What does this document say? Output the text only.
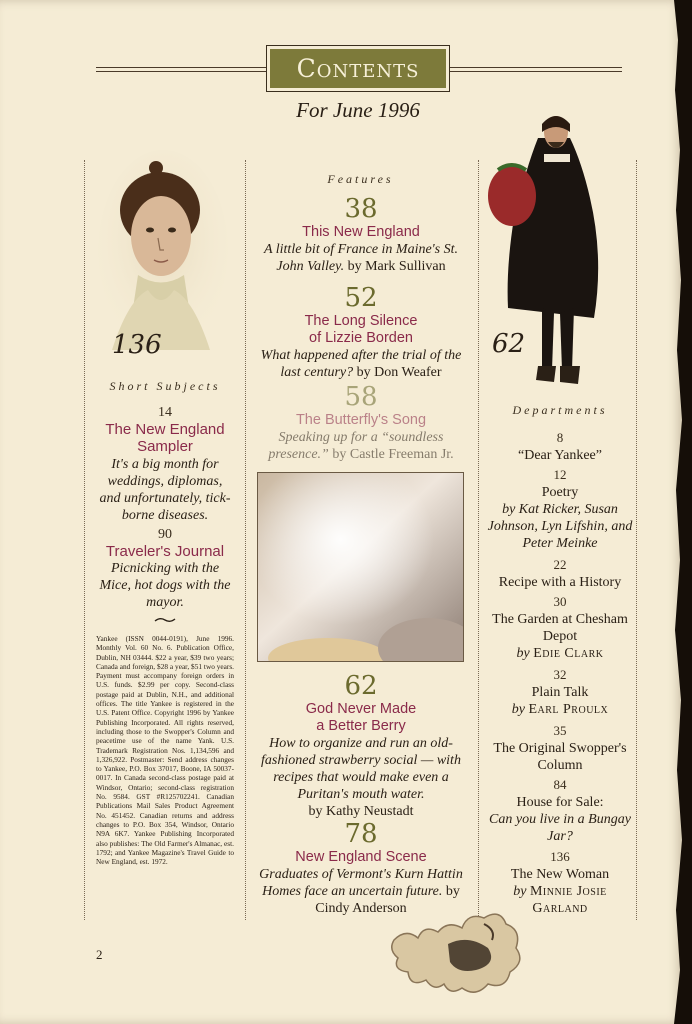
Contents
For June 1996
136
Short Subjects
14
The New England
Sampler
It's a big month for weddings, diplomas, and unfortunately, tick-borne diseases.
90
Traveler's Journal
Picnicking with the Mice, hot dogs with the mayor.
Yankee (ISSN 0044-0191), June 1996. Monthly Vol. 60 No. 6. Publication Office, Dublin, NH 03444. $22 a year, $39 two years; Canada and foreign, $28 a year, $51 two years. Payment must accompany foreign orders in U.S. funds. $2.99 per copy. Second-class postage paid at Dublin, N.H., and additional offices. The title Yankee is registered in the U.S. Patent Office. Copyright 1996 by Yankee Publishing Incorporated. All rights reserved, including those to the Swopper's Column and peacetime use of the name Yank. U.S. Trademark Registration Nos. 1,134,596 and 1,326,922. Postmaster: Send address changes to Yankee, P.O. Box 37017, Boone, IA 50037-0017. In Canada second-class postage paid at Windsor, Ontario; second-class registration No. 9584. GST #R125702241. Canadian Publications Mail Sales Product Agreement No. 451452. Canadian returns and address changes to P.O. Box 354, Windsor, Ontario N9A 6K7. Yankee Publishing Incorporated also publishes: The Old Farmer's Almanac, est. 1792; and Yankee Magazine's Travel Guide to New England, est. 1972.
Features
38
This New England
A little bit of France in Maine's St. John Valley. by Mark Sullivan
52
The Long Silence
of Lizzie Borden
What happened after the trial of the last century? by Don Weafer
58
The Butterfly's Song
Speaking up for a “soundless presence.” by Castle Freeman Jr.
62
God Never Made
a Better Berry
How to organize and run an old-fashioned strawberry social — with recipes that would make even a Puritan's mouth water.
by Kathy Neustadt
78
New England Scene
Graduates of Vermont's Kurn Hattin Homes face an uncertain future. by Cindy Anderson
62
Departments
8
“Dear Yankee”
12
Poetry
by Kat Ricker, Susan Johnson, Lyn Lifshin, and Peter Meinke
22
Recipe with a History
30
The Garden at Chesham Depot
by Edie Clark
32
Plain Talk
by Earl Proulx
35
The Original Swopper's Column
84
House for Sale:
Can you live in a Bungay Jar?
136
The New Woman
by Minnie Josie Garland
2
